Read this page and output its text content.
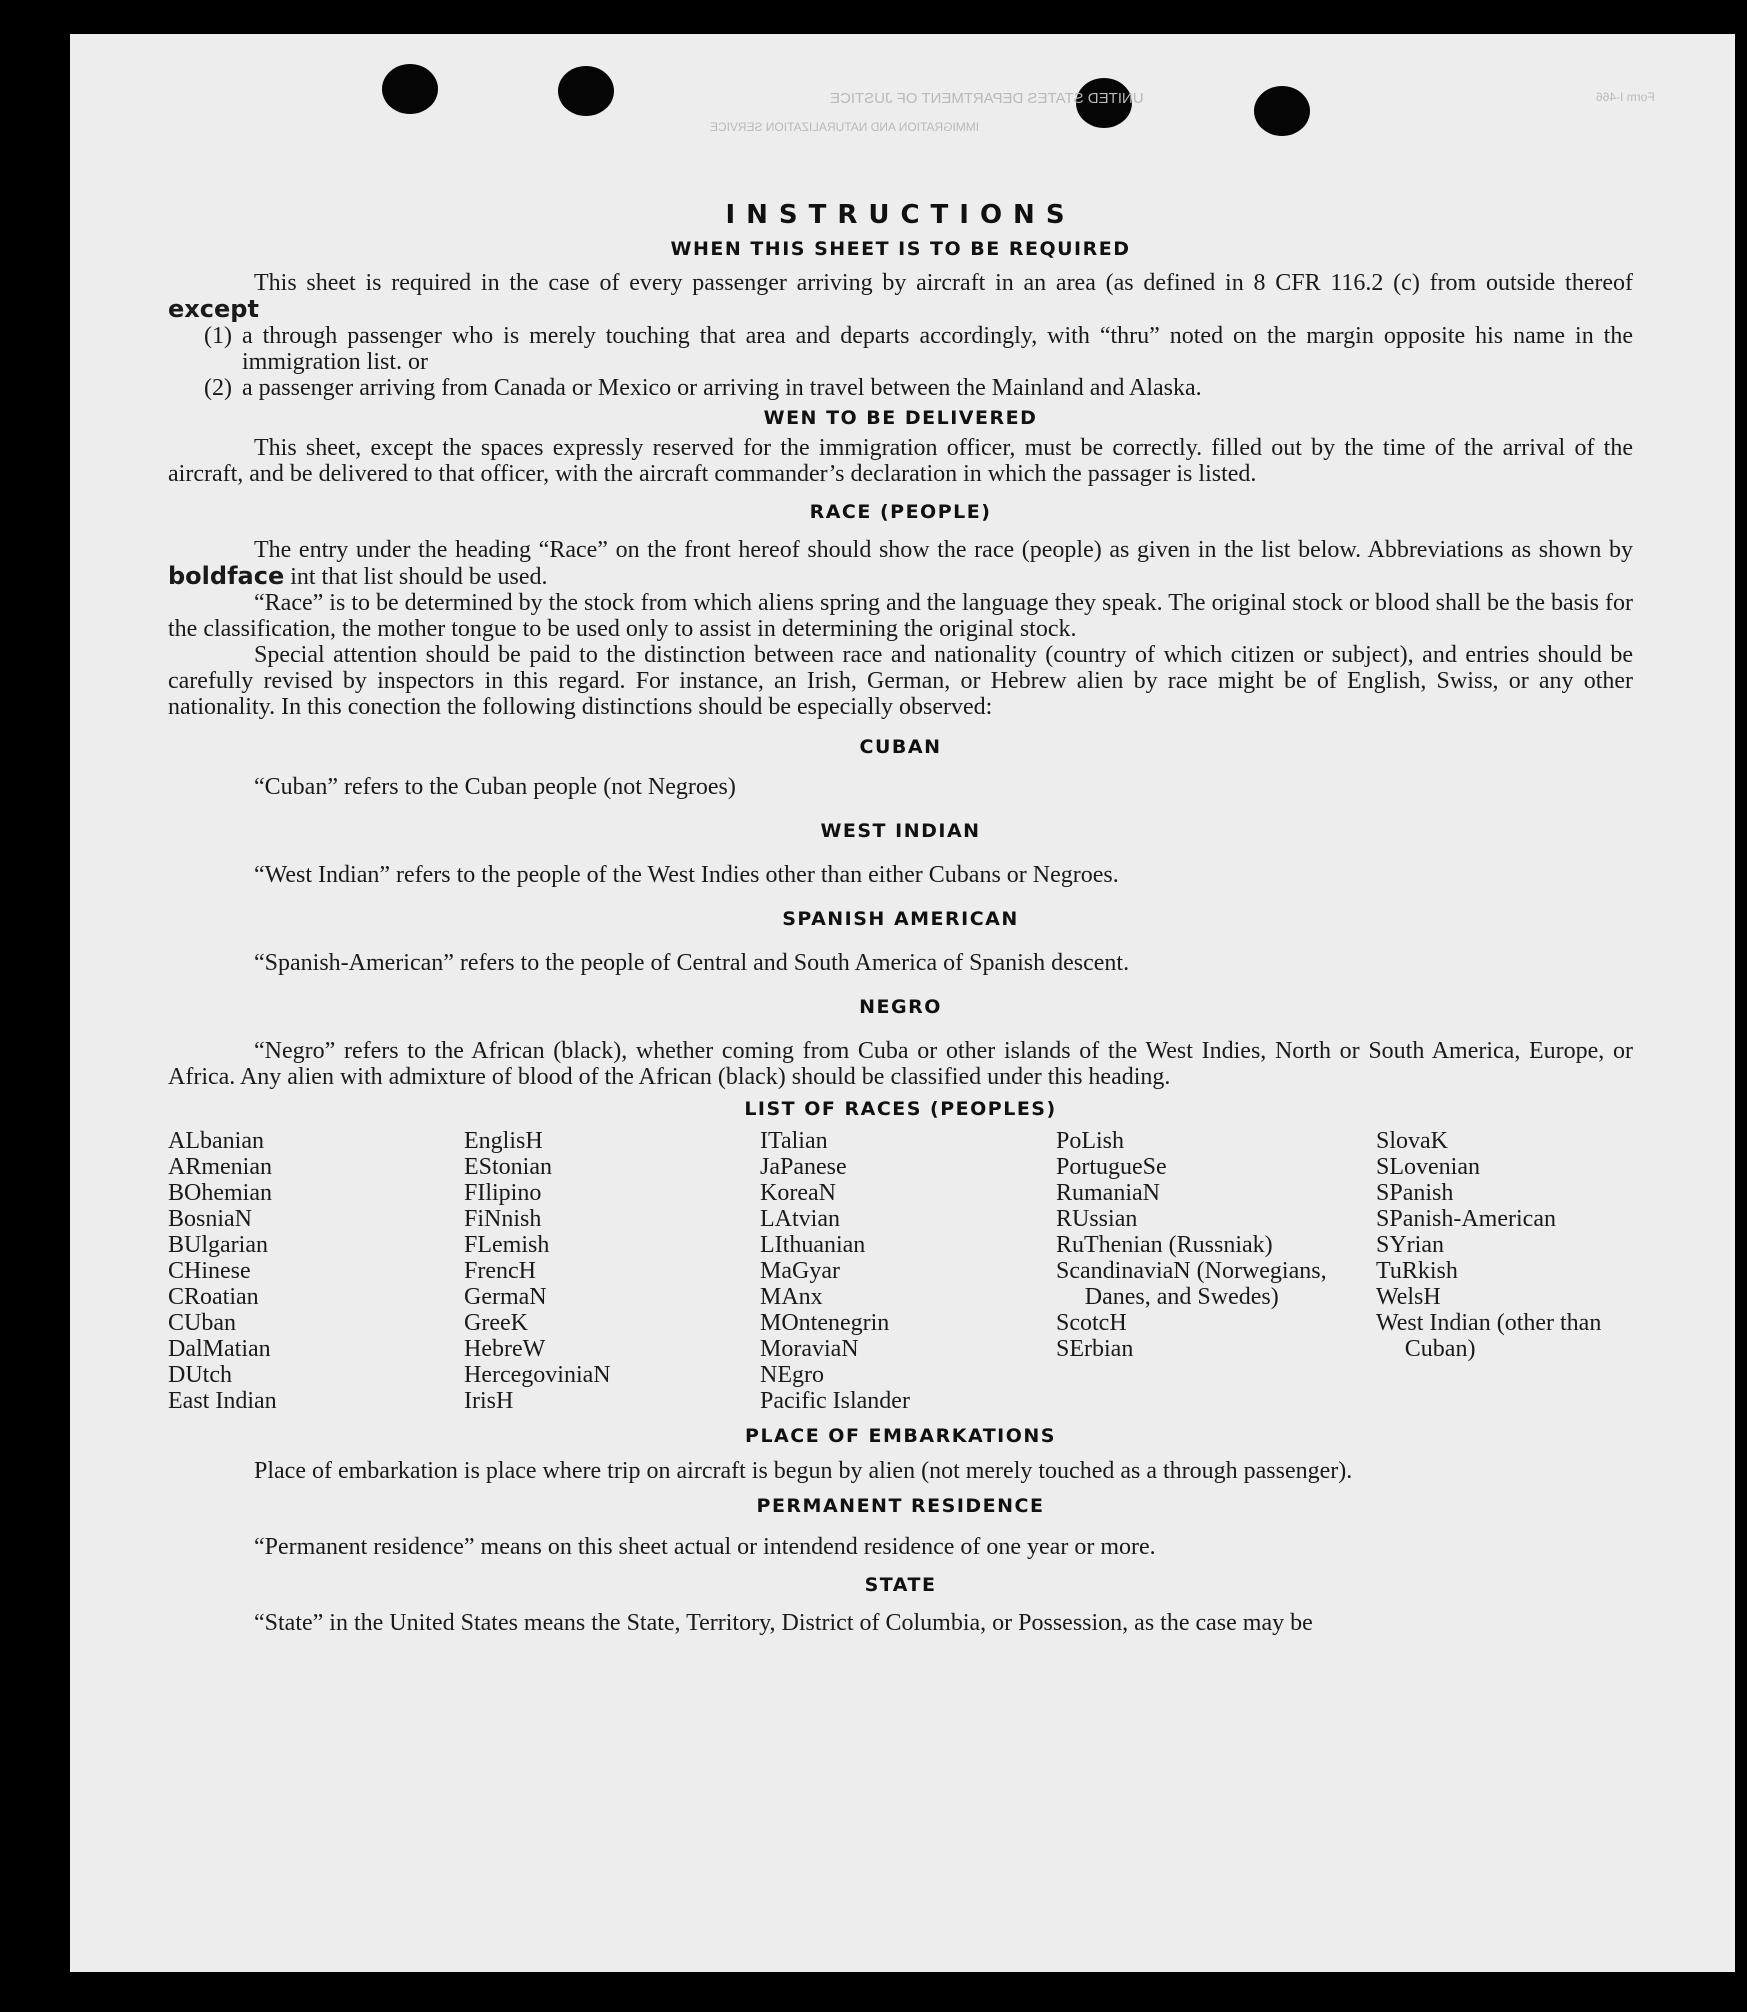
UNITED STATES DEPARTMENT OF JUSTICE
IMMIGRATION AND NATURALIZATION SERVICE
Form I-466
INSTRUCTIONS
WHEN THIS SHEET IS TO BE REQUIRED

This sheet is required in the case of every passenger arriving by aircraft in an area (as defined in 8 CFR 116.2 (c) from outside thereof except

(1) a through passenger who is merely touching that area and departs accordingly, with “thru” noted on the margin opposite his name in the immigration list. or
(2) a passenger arriving from Canada or Mexico or arriving in travel between the Mainland and Alaska.
WEN TO BE DELIVERED

This sheet, except the spaces expressly reserved for the immigration officer, must be correctly. filled out by the time of the arrival of the aircraft, and be delivered to that officer, with the aircraft commander’s declaration in which the passager is listed.

RACE (PEOPLE)

The entry under the heading “Race” on the front hereof should show the race (people) as given in the list below. Abbreviations as shown by boldface int that list should be used.

“Race” is to be determined by the stock from which aliens spring and the language they speak. The original stock or blood shall be the basis for the classification, the mother tongue to be used only to assist in determining the original stock.

Special attention should be paid to the distinction between race and nationality (country of which citizen or subject), and entries should be carefully revised by inspectors in this regard. For instance, an Irish, German, or Hebrew alien by race might be of English, Swiss, or any other nationality. In this conection the following distinctions should be especially observed:

CUBAN

“Cuban” refers to the Cuban people (not Negroes)

WEST INDIAN

“West Indian” refers to the people of the West Indies other than either Cubans or Negroes.

SPANISH AMERICAN

“Spanish-American” refers to the people of Central and South America of Spanish descent.

NEGRO

“Negro” refers to the African (black), whether coming from Cuba or other islands of the West Indies, North or South America, Europe, or Africa. Any alien with admixture of blood of the African (black) should be classified under this heading.

LIST OF RACES (PEOPLES)
ALbanian
ARmenian
BOhemian
BosniaN
BUlgarian
CHinese
CRoatian
CUban
DalMatian
DUtch
East Indian
EnglisH
EStonian
FIlipino
FiNnish
FLemish
FrencH
GermaN
GreeK
HebreW
HercegoviniaN
IrisH
ITalian
JaPanese
KoreaN
LAtvian
LIthuanian
MaGyar
MAnx
MOntenegrin
MoraviaN
NEgro
Pacific Islander
PoLish
PortugueSe
RumaniaN
RUssian
RuThenian (Russniak)
ScandinaviaN (Norwegians, Danes, and Swedes)
ScotcH
SErbian
SlovaK
SLovenian
SPanish
SPanish-American
SYrian
TuRkish
WelsH
West Indian (other than Cuban)
PLACE OF EMBARKATIONS

Place of embarkation is place where trip on aircraft is begun by alien (not merely touched as a through passenger).

PERMANENT RESIDENCE

“Permanent residence” means on this sheet actual or intendend residence of one year or more.

STATE

“State” in the United States means the State, Territory, District of Columbia, or Possession, as the case may be
